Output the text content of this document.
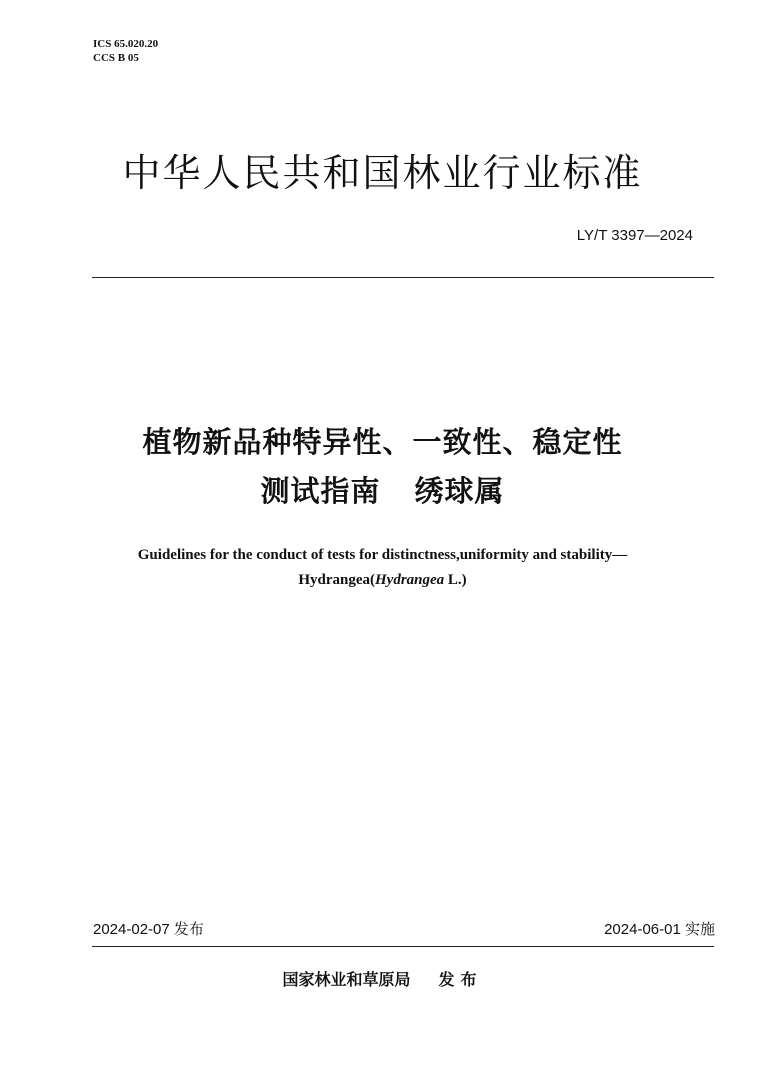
ICS 65.020.20
CCS B 05
中华人民共和国林业行业标准
LY/T 3397—2024
植物新品种特异性、一致性、稳定性
测试指南 绣球属
Guidelines for the conduct of tests for distinctness,uniformity and stability—
Hydrangea(Hydrangea L.)
2024-02-07 发布	2024-06-01 实施
国家林业和草原局 发布
